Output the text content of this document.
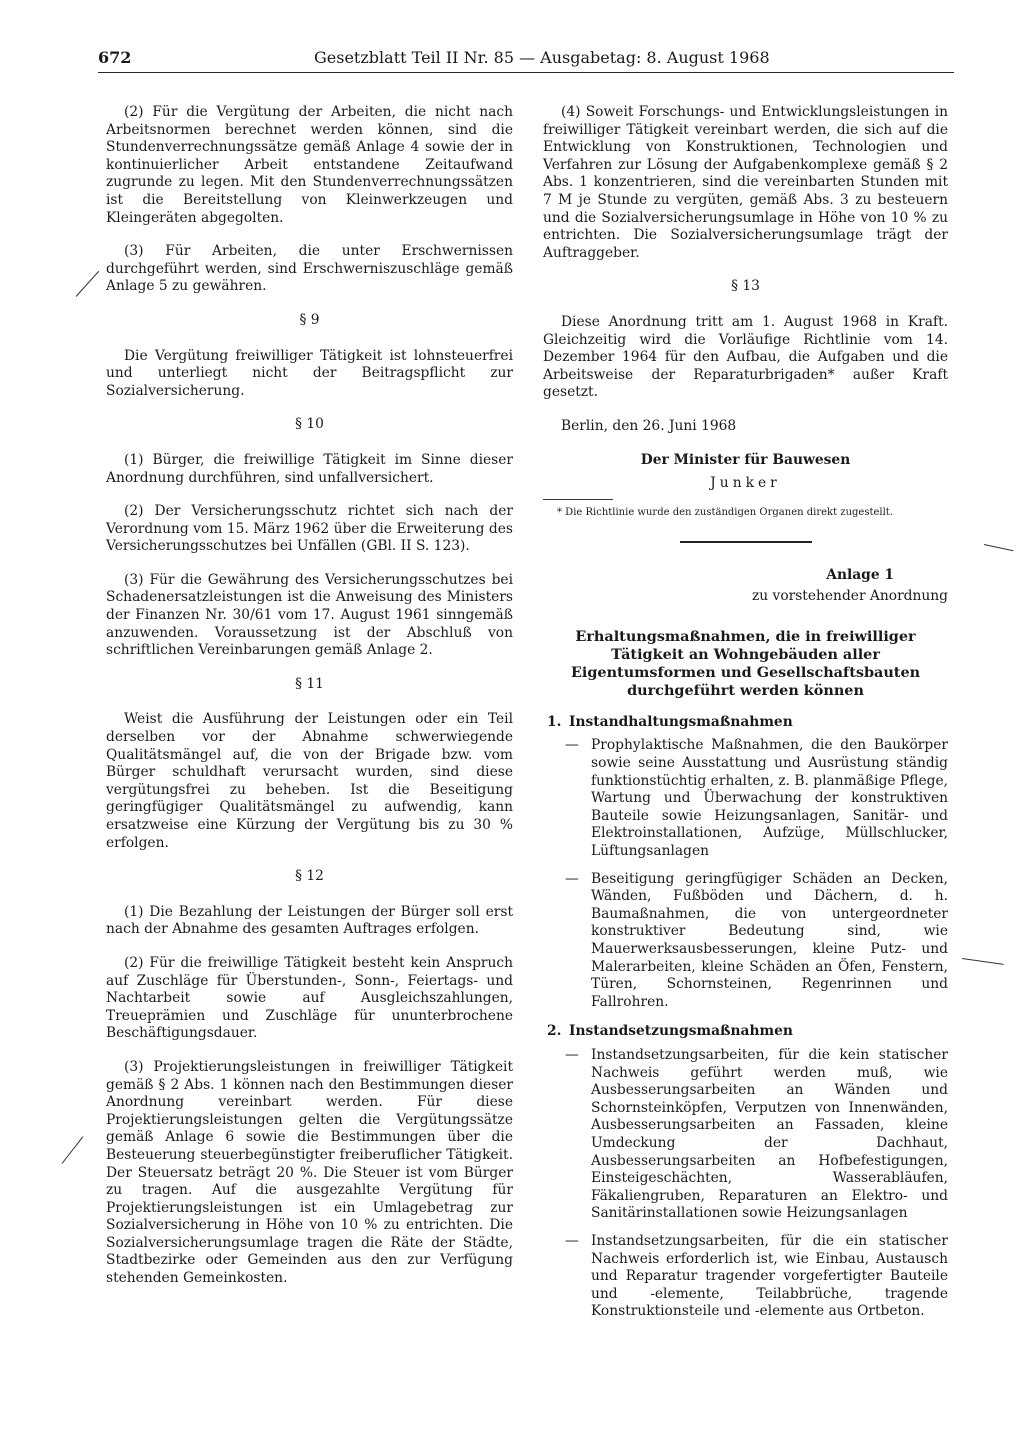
672	Gesetzblatt Teil II Nr. 85 — Ausgabetag: 8. August 1968

(2) Für die Vergütung der Arbeiten, die nicht nach Arbeitsnormen berechnet werden können, sind die Stundenverrechnungssätze gemäß Anlage 4 sowie der in kontinuierlicher Arbeit entstandene Zeitaufwand zugrunde zu legen. Mit den Stundenverrechnungssätzen ist die Bereitstellung von Kleinwerkzeugen und Kleingeräten abgegolten.

(3) Für Arbeiten, die unter Erschwernissen durchgeführt werden, sind Erschwerniszuschläge gemäß Anlage 5 zu gewähren.

§ 9

Die Vergütung freiwilliger Tätigkeit ist lohnsteuerfrei und unterliegt nicht der Beitragspflicht zur Sozialversicherung.

§ 10

(1) Bürger, die freiwillige Tätigkeit im Sinne dieser Anordnung durchführen, sind unfallversichert.

(2) Der Versicherungsschutz richtet sich nach der Verordnung vom 15. März 1962 über die Erweiterung des Versicherungsschutzes bei Unfällen (GBl. II S. 123).

(3) Für die Gewährung des Versicherungsschutzes bei Schadenersatzleistungen ist die Anweisung des Ministers der Finanzen Nr. 30/61 vom 17. August 1961 sinngemäß anzuwenden. Voraussetzung ist der Abschluß von schriftlichen Vereinbarungen gemäß Anlage 2.

§ 11

Weist die Ausführung der Leistungen oder ein Teil derselben vor der Abnahme schwerwiegende Qualitätsmängel auf, die von der Brigade bzw. vom Bürger schuldhaft verursacht wurden, sind diese vergütungsfrei zu beheben. Ist die Beseitigung geringfügiger Qualitätsmängel zu aufwendig, kann ersatzweise eine Kürzung der Vergütung bis zu 30 % erfolgen.

§ 12

(1) Die Bezahlung der Leistungen der Bürger soll erst nach der Abnahme des gesamten Auftrages erfolgen.

(2) Für die freiwillige Tätigkeit besteht kein Anspruch auf Zuschläge für Überstunden-, Sonn-, Feiertags- und Nachtarbeit sowie auf Ausgleichszahlungen, Treueprämien und Zuschläge für ununterbrochene Beschäftigungsdauer.

(3) Projektierungsleistungen in freiwilliger Tätigkeit gemäß § 2 Abs. 1 können nach den Bestimmungen dieser Anordnung vereinbart werden. Für diese Projektierungsleistungen gelten die Vergütungssätze gemäß Anlage 6 sowie die Bestimmungen über die Besteuerung steuerbegünstigter freiberuflicher Tätigkeit. Der Steuersatz beträgt 20 %. Die Steuer ist vom Bürger zu tragen. Auf die ausgezahlte Vergütung für Projektierungsleistungen ist ein Umlagebetrag zur Sozialversicherung in Höhe von 10 % zu entrichten. Die Sozialversicherungsumlage tragen die Räte der Städte, Stadtbezirke oder Gemeinden aus den zur Verfügung stehenden Gemeinkosten.

(4) Soweit Forschungs- und Entwicklungsleistungen in freiwilliger Tätigkeit vereinbart werden, die sich auf die Entwicklung von Konstruktionen, Technologien und Verfahren zur Lösung der Aufgabenkomplexe gemäß § 2 Abs. 1 konzentrieren, sind die vereinbarten Stunden mit 7 M je Stunde zu vergüten, gemäß Abs. 3 zu besteuern und die Sozialversicherungsumlage in Höhe von 10 % zu entrichten. Die Sozialversicherungsumlage trägt der Auftraggeber.

§ 13

Diese Anordnung tritt am 1. August 1968 in Kraft. Gleichzeitig wird die Vorläufige Richtlinie vom 14. Dezember 1964 für den Aufbau, die Aufgaben und die Arbeitsweise der Reparaturbrigaden* außer Kraft gesetzt.

Berlin, den 26. Juni 1968

Der Minister für Bauwesen

Junker

* Die Richtlinie wurde den zuständigen Organen direkt zugestellt.

Anlage 1

zu vorstehender Anordnung

Erhaltungsmaßnahmen, die in freiwilliger Tätigkeit an Wohngebäuden aller Eigentumsformen und Gesellschaftsbauten durchgeführt werden können

1. Instandhaltungsmaßnahmen

— Prophylaktische Maßnahmen, die den Baukörper sowie seine Ausstattung und Ausrüstung ständig funktionstüchtig erhalten, z. B. planmäßige Pflege, Wartung und Überwachung der konstruktiven Bauteile sowie Heizungsanlagen, Sanitär- und Elektroinstallationen, Aufzüge, Müllschlucker, Lüftungsanlagen

— Beseitigung geringfügiger Schäden an Decken, Wänden, Fußböden und Dächern, d. h. Baumaßnahmen, die von untergeordneter konstruktiver Bedeutung sind, wie Mauerwerksausbesserungen, kleine Putz- und Malerarbeiten, kleine Schäden an Öfen, Fenstern, Türen, Schornsteinen, Regenrinnen und Fallrohren.

2. Instandsetzungsmaßnahmen

— Instandsetzungsarbeiten, für die kein statischer Nachweis geführt werden muß, wie Ausbesserungsarbeiten an Wänden und Schornsteinköpfen, Verputzen von Innenwänden, Ausbesserungsarbeiten an Fassaden, kleine Umdeckung der Dachhaut, Ausbesserungsarbeiten an Hofbefestigungen, Einsteigeschächten, Wasserabläufen, Fäkaliengruben, Reparaturen an Elektro- und Sanitärinstallationen sowie Heizungsanlagen

— Instandsetzungsarbeiten, für die ein statischer Nachweis erforderlich ist, wie Einbau, Austausch und Reparatur tragender vorgefertigter Bauteile und -elemente, Teilabbrüche, tragende Konstruktionsteile und -elemente aus Ortbeton.
